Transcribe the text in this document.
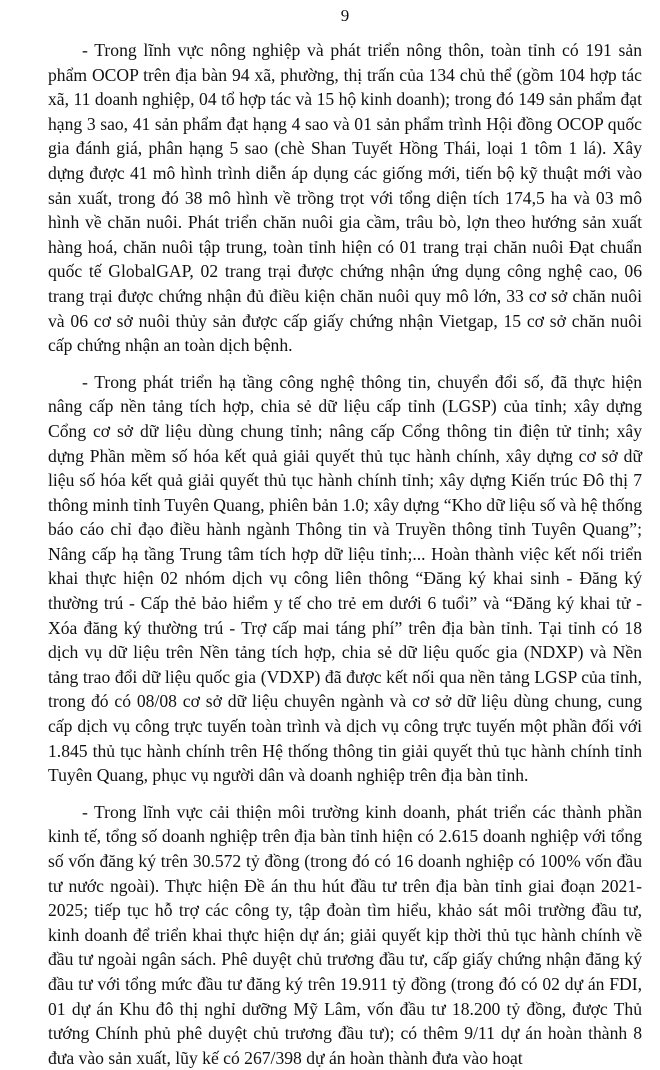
9

- Trong lĩnh vực nông nghiệp và phát triển nông thôn, toàn tỉnh có 191 sản phẩm OCOP trên địa bàn 94 xã, phường, thị trấn của 134 chủ thể (gồm 104 hợp tác xã, 11 doanh nghiệp, 04 tổ hợp tác và 15 hộ kinh doanh); trong đó 149 sản phẩm đạt hạng 3 sao, 41 sản phẩm đạt hạng 4 sao và 01 sản phẩm trình Hội đồng OCOP quốc gia đánh giá, phân hạng 5 sao (chè Shan Tuyết Hồng Thái, loại 1 tôm 1 lá). Xây dựng được 41 mô hình trình diễn áp dụng các giống mới, tiến bộ kỹ thuật mới vào sản xuất, trong đó 38 mô hình về trồng trọt với tổng diện tích 174,5 ha và 03 mô hình về chăn nuôi. Phát triển chăn nuôi gia cầm, trâu bò, lợn theo hướng sản xuất hàng hoá, chăn nuôi tập trung, toàn tỉnh hiện có 01 trang trại chăn nuôi Đạt chuẩn quốc tế GlobalGAP, 02 trang trại được chứng nhận ứng dụng công nghệ cao, 06 trang trại được chứng nhận đủ điều kiện chăn nuôi quy mô lớn, 33 cơ sở chăn nuôi và 06 cơ sở nuôi thủy sản được cấp giấy chứng nhận Vietgap, 15 cơ sở chăn nuôi cấp chứng nhận an toàn dịch bệnh.

- Trong phát triển hạ tầng công nghệ thông tin, chuyển đổi số, đã thực hiện nâng cấp nền tảng tích hợp, chia sẻ dữ liệu cấp tỉnh (LGSP) của tỉnh; xây dựng Cổng cơ sở dữ liệu dùng chung tỉnh; nâng cấp Cổng thông tin điện tử tỉnh; xây dựng Phần mềm số hóa kết quả giải quyết thủ tục hành chính, xây dựng cơ sở dữ liệu số hóa kết quả giải quyết thủ tục hành chính tỉnh; xây dựng Kiến trúc Đô thị 7 thông minh tỉnh Tuyên Quang, phiên bản 1.0; xây dựng “Kho dữ liệu số và hệ thống báo cáo chỉ đạo điều hành ngành Thông tin và Truyền thông tỉnh Tuyên Quang”; Nâng cấp hạ tầng Trung tâm tích hợp dữ liệu tỉnh;... Hoàn thành việc kết nối triển khai thực hiện 02 nhóm dịch vụ công liên thông “Đăng ký khai sinh - Đăng ký thường trú - Cấp thẻ bảo hiểm y tế cho trẻ em dưới 6 tuổi” và “Đăng ký khai tử - Xóa đăng ký thường trú - Trợ cấp mai táng phí” trên địa bàn tỉnh. Tại tỉnh có 18 dịch vụ dữ liệu trên Nền tảng tích hợp, chia sẻ dữ liệu quốc gia (NDXP) và Nền tảng trao đổi dữ liệu quốc gia (VDXP) đã được kết nối qua nền tảng LGSP của tỉnh, trong đó có 08/08 cơ sở dữ liệu chuyên ngành và cơ sở dữ liệu dùng chung, cung cấp dịch vụ công trực tuyến toàn trình và dịch vụ công trực tuyến một phần đối với 1.845 thủ tục hành chính trên Hệ thống thông tin giải quyết thủ tục hành chính tỉnh Tuyên Quang, phục vụ người dân và doanh nghiệp trên địa bàn tỉnh.

- Trong lĩnh vực cải thiện môi trường kinh doanh, phát triển các thành phần kinh tế, tổng số doanh nghiệp trên địa bàn tỉnh hiện có 2.615 doanh nghiệp với tổng số vốn đăng ký trên 30.572 tỷ đồng (trong đó có 16 doanh nghiệp có 100% vốn đầu tư nước ngoài). Thực hiện Đề án thu hút đầu tư trên địa bàn tỉnh giai đoạn 2021-2025; tiếp tục hỗ trợ các công ty, tập đoàn tìm hiểu, khảo sát môi trường đầu tư, kinh doanh để triển khai thực hiện dự án; giải quyết kịp thời thủ tục hành chính về đầu tư ngoài ngân sách. Phê duyệt chủ trương đầu tư, cấp giấy chứng nhận đăng ký đầu tư với tổng mức đầu tư đăng ký trên 19.911 tỷ đồng (trong đó có 02 dự án FDI, 01 dự án Khu đô thị nghỉ dưỡng Mỹ Lâm, vốn đầu tư 18.200 tỷ đồng, được Thủ tướng Chính phủ phê duyệt chủ trương đầu tư); có thêm 9/11 dự án hoàn thành 8 đưa vào sản xuất, lũy kế có 267/398 dự án hoàn thành đưa vào hoạt
